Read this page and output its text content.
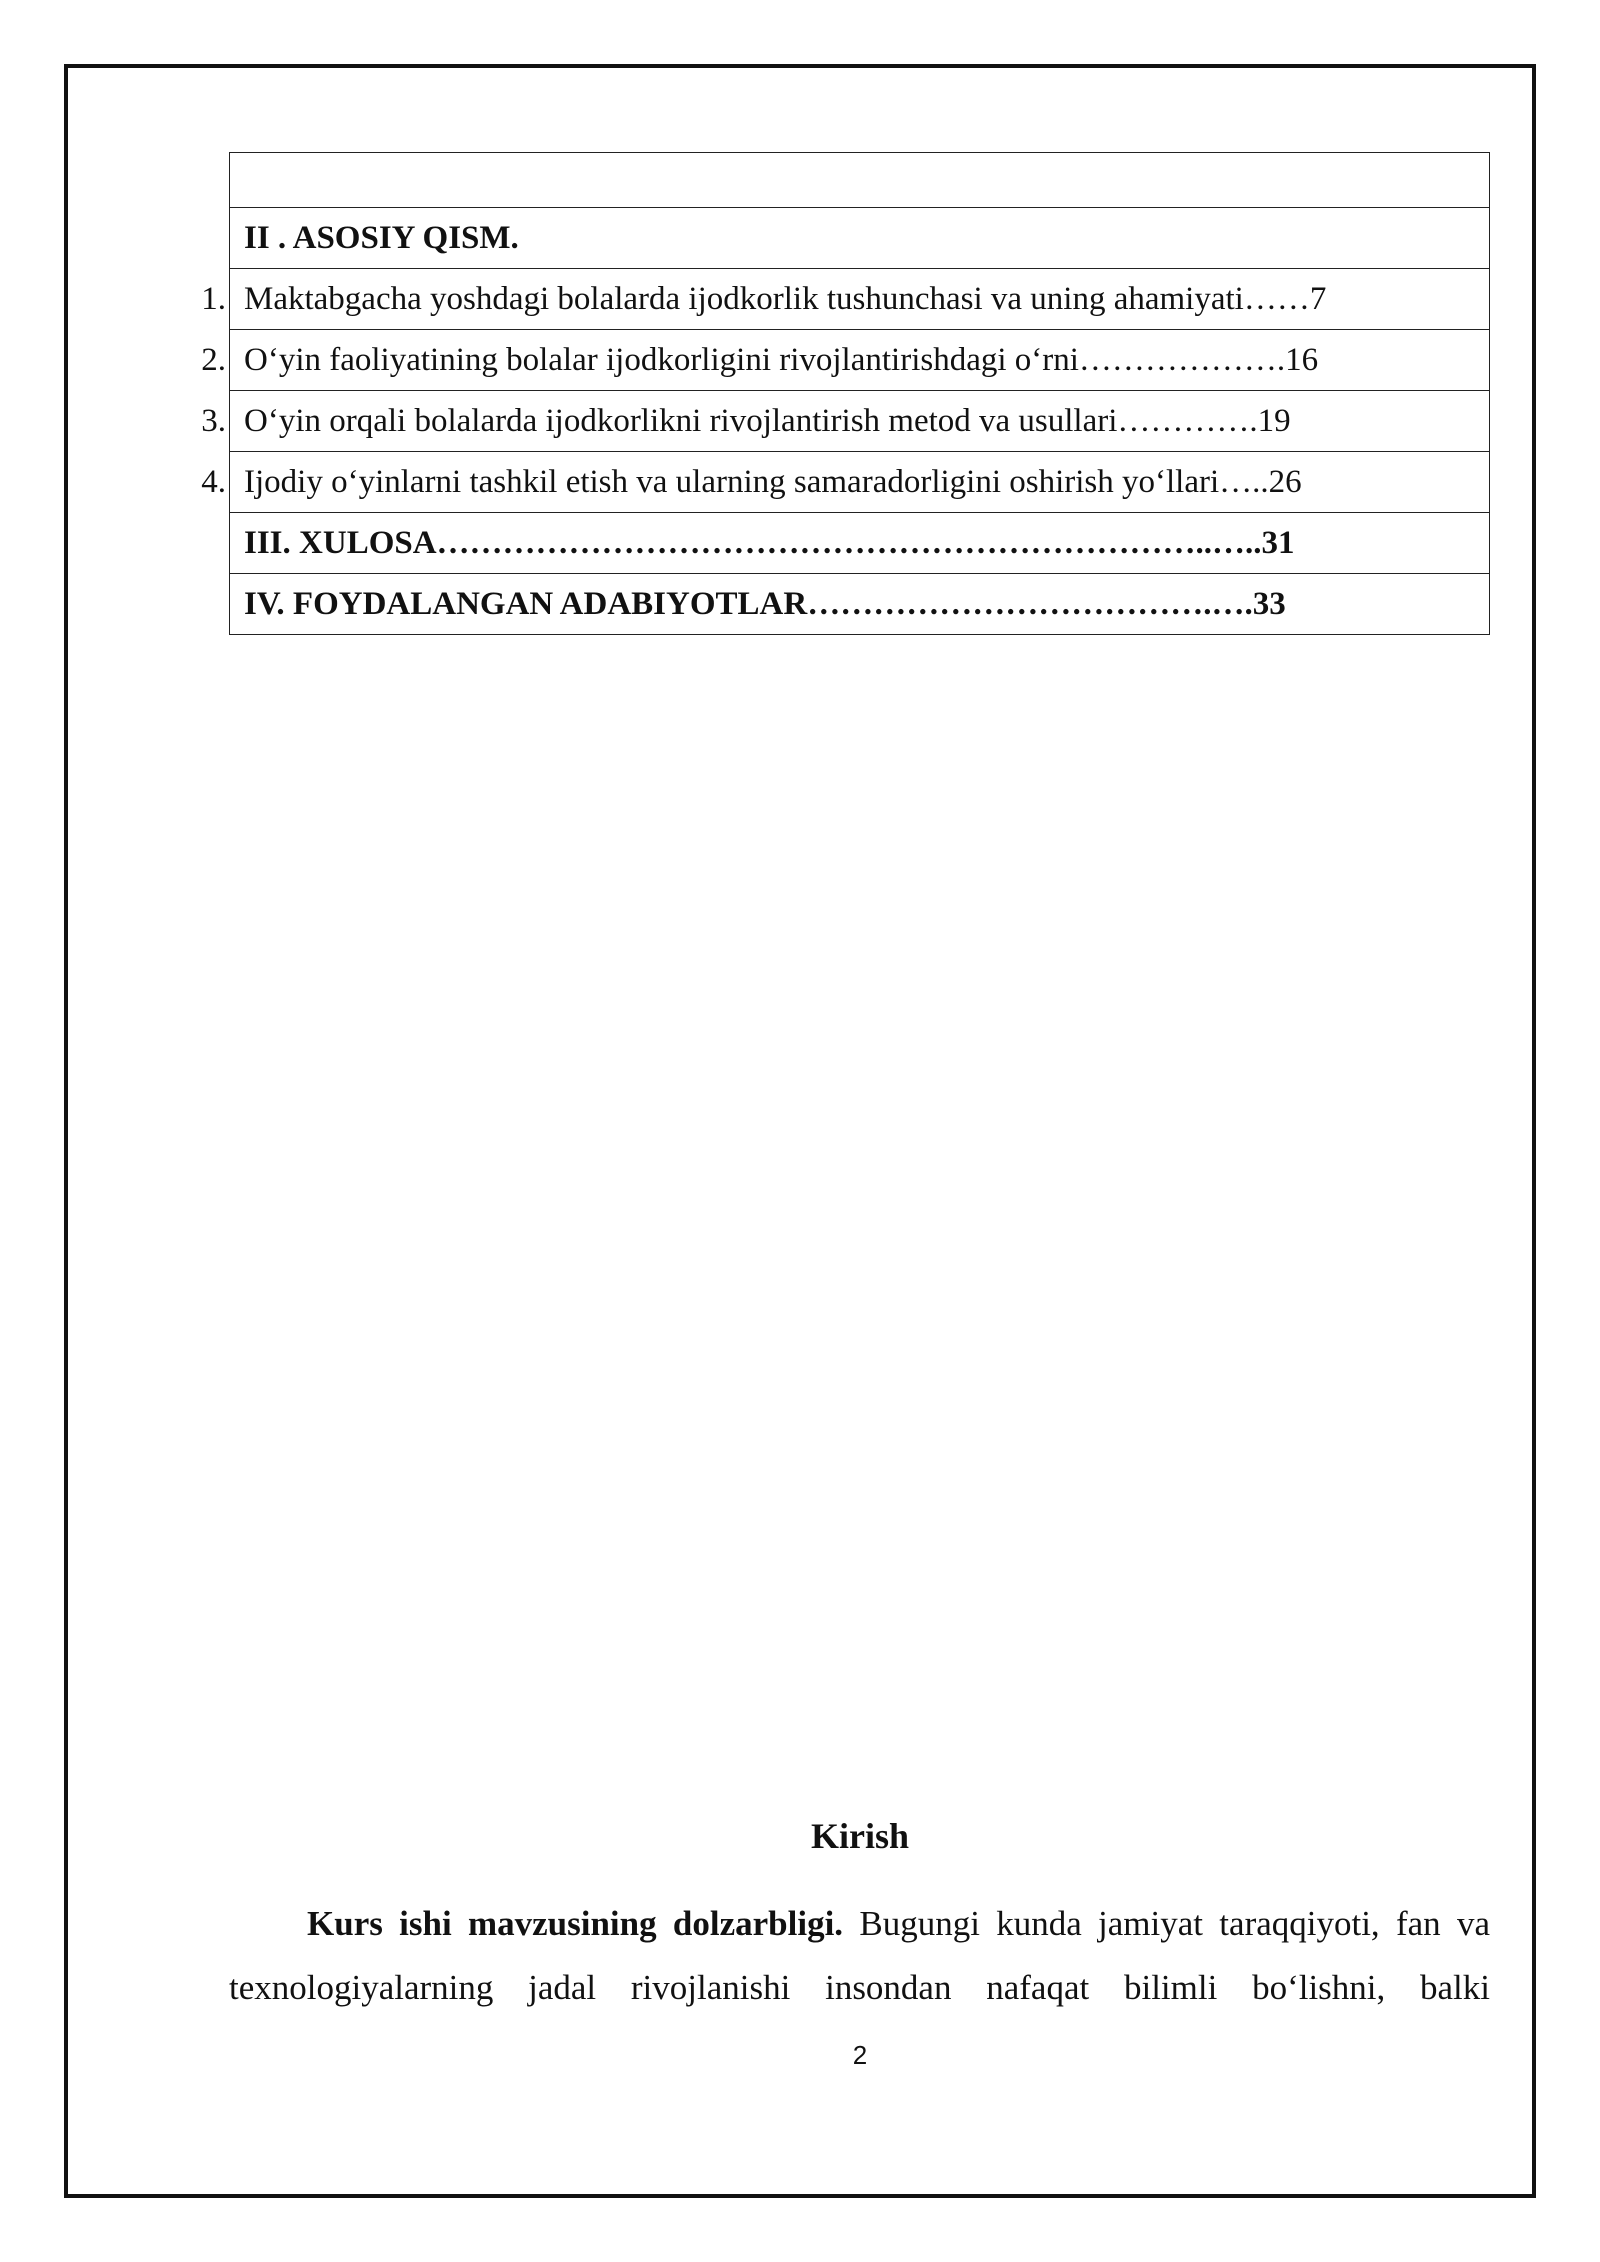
II . ASOSIY QISM.

1. Maktabgacha yoshdagi bolalarda ijodkorlik tushunchasi va uning ahamiyati……7

2. O‘yin faoliyatining bolalar ijodkorligini rivojlantirishdagi o‘rni……………….16

3. O‘yin orqali bolalarda ijodkorlikni rivojlantirish metod va usullari………….19

4. Ijodiy o‘yinlarni tashkil etish va ularning samaradorligini oshirish yo‘llari…..26
III. XULOSA……………………………………………………………..…..31
IV. FOYDALANGAN ADABIYOTLAR……………………………….….33
Kirish
Kurs ishi mavzusining dolzarbligi. Bugungi kunda jamiyat taraqqiyoti, fan va
texnologiyalarning jadal rivojlanishi insondan nafaqat bilimli bo‘lishni, balki
2
